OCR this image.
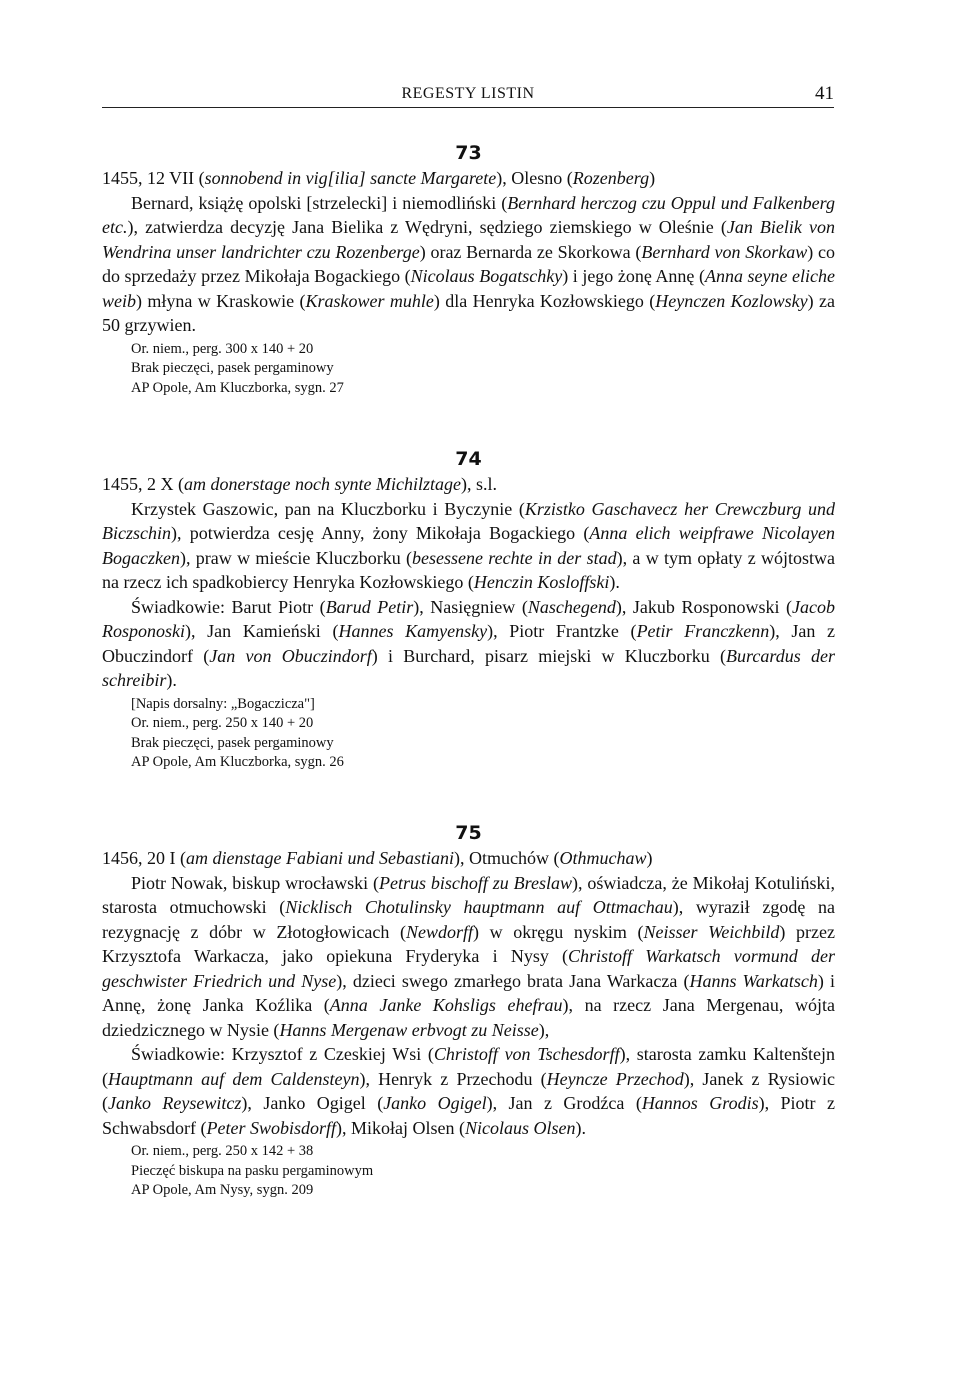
REGESTY LISTIN	41
73
1455, 12 VII (sonnobend in vig[ilia] sancte Margarete), Olesno (Rozenberg)

Bernard, książę opolski [strzelecki] i niemodliński (Bernhard herczog czu Oppul und Falkenberg etc.), zatwierdza decyzję Jana Bielika z Wędryni, sędziego ziemskiego w Oleśnie (Jan Bielik von Wendrina unser landrichter czu Rozenberge) oraz Bernarda ze Skorkowa (Bernhard von Skorkaw) co do sprzedaży przez Mikołaja Bogackiego (Nicolaus Bogatschky) i jego żonę Annę (Anna seyne eliche weib) młyna w Kraskowie (Kraskower muhle) dla Henryka Kozłowskiego (Heynczen Kozlowsky) za 50 grzywien.

Or. niem., perg. 300 x 140 + 20
Brak pieczęci, pasek pergaminowy
AP Opole, Am Kluczborka, sygn. 27
74
1455, 2 X (am donerstage noch synte Michilztage), s.l.

Krzystek Gaszowic, pan na Kluczborku i Byczynie (Krzistko Gaschavecz her Crewczburg und Biczschin), potwierdza cesję Anny, żony Mikołaja Bogackiego (Anna elich weipfrawe Nicolayen Bogaczken), praw w mieście Kluczborku (besessene rechte in der stad), a w tym opłaty z wójtostwa na rzecz ich spadkobiercy Henryka Kozłowskiego (Henczin Kosloffski).

Świadkowie: Barut Piotr (Barud Petir), Nasięgniew (Naschegend), Jakub Rosponowski (Jacob Rosponoski), Jan Kamieński (Hannes Kamyensky), Piotr Frantzke (Petir Franczkenn), Jan z Obuczindorf (Jan von Obuczindorf) i Burchard, pisarz miejski w Kluczborku (Burcardus der schreibir).

[Napis dorsalny: „Bogaczicza"]
Or. niem., perg. 250 x 140 + 20
Brak pieczęci, pasek pergaminowy
AP Opole, Am Kluczborka, sygn. 26
75
1456, 20 I (am dienstage Fabiani und Sebastiani), Otmuchów (Othmuchaw)

Piotr Nowak, biskup wrocławski (Petrus bischoff zu Breslaw), oświadcza, że Mikołaj Kotuliński, starosta otmuchowski (Nicklisch Chotulinsky hauptmann auf Ottmachau), wyraził zgodę na rezygnację z dóbr w Złotogłowicach (Newdorff) w okręgu nyskim (Neisser Weichbild) przez Krzysztofa Warkacza, jako opiekuna Fryderyka i Nysy (Christoff Warkatsch vormund der geschwister Friedrich und Nyse), dzieci swego zmarłego brata Jana Warkacza (Hanns Warkatsch) i Annę, żonę Janka Koźlika (Anna Janke Kohsligs ehefrau), na rzecz Jana Mergenau, wójta dziedzicznego w Nysie (Hanns Mergenaw erbvogt zu Neisse),

Świadkowie: Krzysztof z Czeskiej Wsi (Christoff von Tschesdorff), starosta zamku Kaltenštejn (Hauptmann auf dem Caldensteyn), Henryk z Przechodu (Heyncze Przechod), Janek z Rysiowic (Janko Reysewitcz), Janko Ogigel (Janko Ogigel), Jan z Grodźca (Hannos Grodis), Piotr z Schwabsdorf (Peter Swobisdorff), Mikołaj Olsen (Nicolaus Olsen).

Or. niem., perg. 250 x 142 + 38
Pieczęć biskupa na pasku pergaminowym
AP Opole, Am Nysy, sygn. 209
